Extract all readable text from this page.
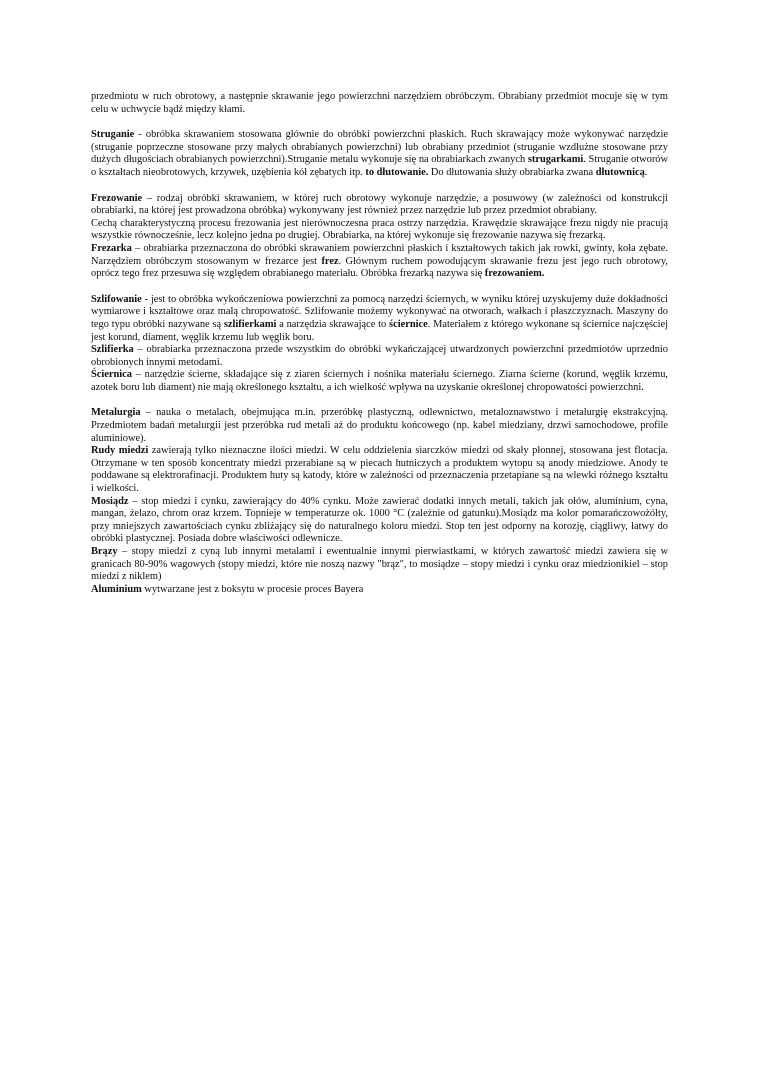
przedmiotu w ruch obrotowy, a następnie skrawanie jego powierzchni narzędziem obróbczym. Obrabiany przedmiot mocuje się w tym celu w uchwycie bądź między kłami.

Struganie - obróbka skrawaniem stosowana głównie do obróbki powierzchni płaskich. Ruch skrawający może wykonywać narzędzie (struganie poprzeczne stosowane przy małych obrabianych powierzchni) lub obrabiany przedmiot (struganie wzdłużne stosowane przy dużych długościach obrabianych powierzchni).Struganie metalu wykonuje się na obrabiarkach zwanych strugarkami. Struganie otworów o kształtach nieobrotowych, krzywek, uzębienia kół zębatych itp. to dłutowanie. Do dłutowania służy obrabiarka zwana dłutownicą.

Frezowanie – rodzaj obróbki skrawaniem, w której ruch obrotowy wykonuje narzędzie, a posuwowy (w zależności od konstrukcji obrabiarki, na której jest prowadzona obróbka) wykonywany jest również przez narzędzie lub przez przedmiot obrabiany.

Cechą charakterystyczną procesu frezowania jest nierównoczesna praca ostrzy narzędzia. Krawędzie skrawające frezu nigdy nie pracują wszystkie równocześnie, lecz kolejno jedna po drugiej. Obrabiarka, na której wykonuje się frezowanie nazywa się frezarką.

Frezarka – obrabiarka przeznaczona do obróbki skrawaniem powierzchni płaskich i kształtowych takich jak rowki, gwinty, koła zębate. Narzędziem obróbczym stosowanym w frezarce jest frez. Głównym ruchem powodującym skrawanie frezu jest jego ruch obrotowy, oprócz tego frez przesuwa się względem obrabianego materiału. Obróbka frezarką nazywa się frezowaniem.

Szlifowanie - jest to obróbka wykończeniowa powierzchni za pomocą narzędzi ściernych, w wyniku której uzyskujemy duże dokładności wymiarowe i kształtowe oraz małą chropowatość. Szlifowanie możemy wykonywać na otworach, wałkach i płaszczyznach. Maszyny do tego typu obróbki nazywane są szlifierkami a narzędzia skrawające to ściernice. Materiałem z którego wykonane są ściernice najczęściej jest korund, diament, węglik krzemu lub węglik boru.

Szlifierka – obrabiarka przeznaczona przede wszystkim do obróbki wykańczającej utwardzonych powierzchni przedmiotów uprzednio obrobionych innymi metodami.

Ściernica – narzędzie ścierne, składające się z ziaren ściernych i nośnika materiału ściernego. Ziarna ścierne (korund, węglik krzemu, azotek boru lub diament) nie mają określonego kształtu, a ich wielkość wpływa na uzyskanie określonej chropowatości powierzchni.

Metalurgia – nauka o metalach, obejmująca m.in. przeróbkę plastyczną, odlewnictwo, metaloznawstwo i metalurgię ekstrakcyjną. Przedmiotem badań metalurgii jest przeróbka rud metali aż do produktu końcowego (np. kabel miedziany, drzwi samochodowe, profile aluminiowe).

Rudy miedzi zawierają tylko nieznaczne ilości miedzi. W celu oddzielenia siarczków miedzi od skały płonnej, stosowana jest flotacja. Otrzymane w ten sposób koncentraty miedzi przerabiane są w piecach hutniczych a produktem wytopu są anody miedziowe. Anody te poddawane są elektrorafinacji. Produktem huty są katody, które w zależności od przeznaczenia przetapiane są na wlewki różnego kształtu i wielkości.

Mosiądz – stop miedzi i cynku, zawierający do 40% cynku. Może zawierać dodatki innych metali, takich jak ołów, aluminium, cyna, mangan, żelazo, chrom oraz krzem. Topnieje w temperaturze ok. 1000 °C (zależnie od gatunku).Mosiądz ma kolor pomarańczowożółty, przy mniejszych zawartościach cynku zbliżający się do naturalnego koloru miedzi. Stop ten jest odporny na korozję, ciągliwy, łatwy do obróbki plastycznej. Posiada dobre właściwości odlewnicze.

Brązy – stopy miedzi z cyną lub innymi metalami i ewentualnie innymi pierwiastkami, w których zawartość miedzi zawiera się w granicach 80-90% wagowych (stopy miedzi, które nie noszą nazwy "brąz", to mosiądze – stopy miedzi i cynku oraz miedzionikiel – stop miedzi z niklem)

Aluminium wytwarzane jest z boksytu w procesie proces Bayera
